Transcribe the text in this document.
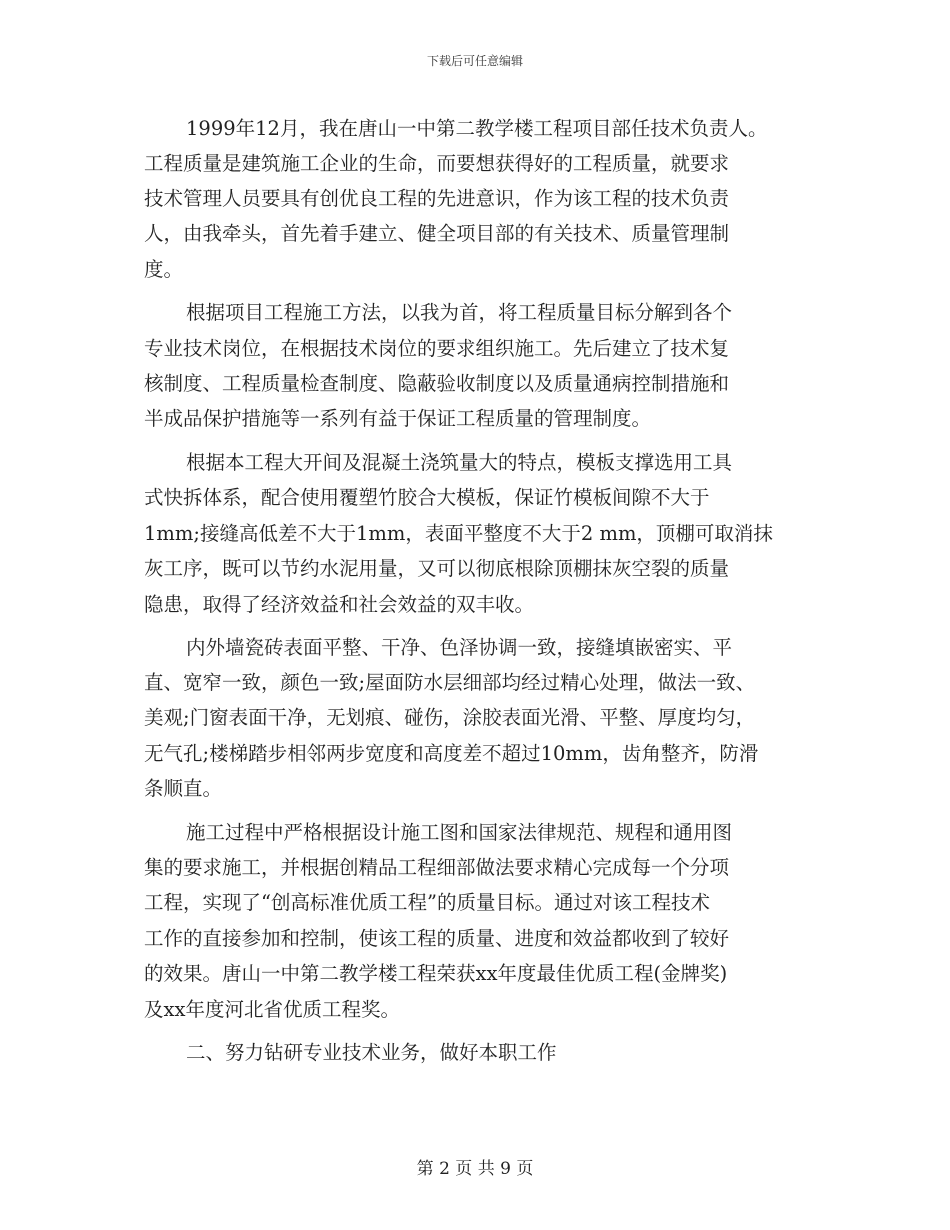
下载后可任意编辑
1999年12月，我在唐山一中第二教学楼工程项目部任技术负责人。
工程质量是建筑施工企业的生命，而要想获得好的工程质量，就要求
技术管理人员要具有创优良工程的先进意识，作为该工程的技术负责
人，由我牵头，首先着手建立、健全项目部的有关技术、质量管理制
度。
根据项目工程施工方法，以我为首，将工程质量目标分解到各个
专业技术岗位，在根据技术岗位的要求组织施工。先后建立了技术复
核制度、工程质量检查制度、隐蔽验收制度以及质量通病控制措施和
半成品保护措施等一系列有益于保证工程质量的管理制度。
根据本工程大开间及混凝土浇筑量大的特点，模板支撑选用工具
式快拆体系，配合使用覆塑竹胶合大模板，保证竹模板间隙不大于
1mm;接缝高低差不大于1mm，表面平整度不大于2 mm，顶棚可取消抹
灰工序，既可以节约水泥用量，又可以彻底根除顶棚抹灰空裂的质量
隐患，取得了经济效益和社会效益的双丰收。
内外墙瓷砖表面平整、干净、色泽协调一致，接缝填嵌密实、平
直、宽窄一致，颜色一致;屋面防水层细部均经过精心处理，做法一致、
美观;门窗表面干净，无划痕、碰伤，涂胶表面光滑、平整、厚度均匀，
无气孔;楼梯踏步相邻两步宽度和高度差不超过10mm，齿角整齐，防滑
条顺直。
施工过程中严格根据设计施工图和国家法律规范、规程和通用图
集的要求施工，并根据创精品工程细部做法要求精心完成每一个分项
工程，实现了“创高标准优质工程”的质量目标。通过对该工程技术
工作的直接参加和控制，使该工程的质量、进度和效益都收到了较好
的效果。唐山一中第二教学楼工程荣获xx年度最佳优质工程(金牌奖)
及xx年度河北省优质工程奖。
二、努力钻研专业技术业务，做好本职工作
第 2 页 共 9 页
